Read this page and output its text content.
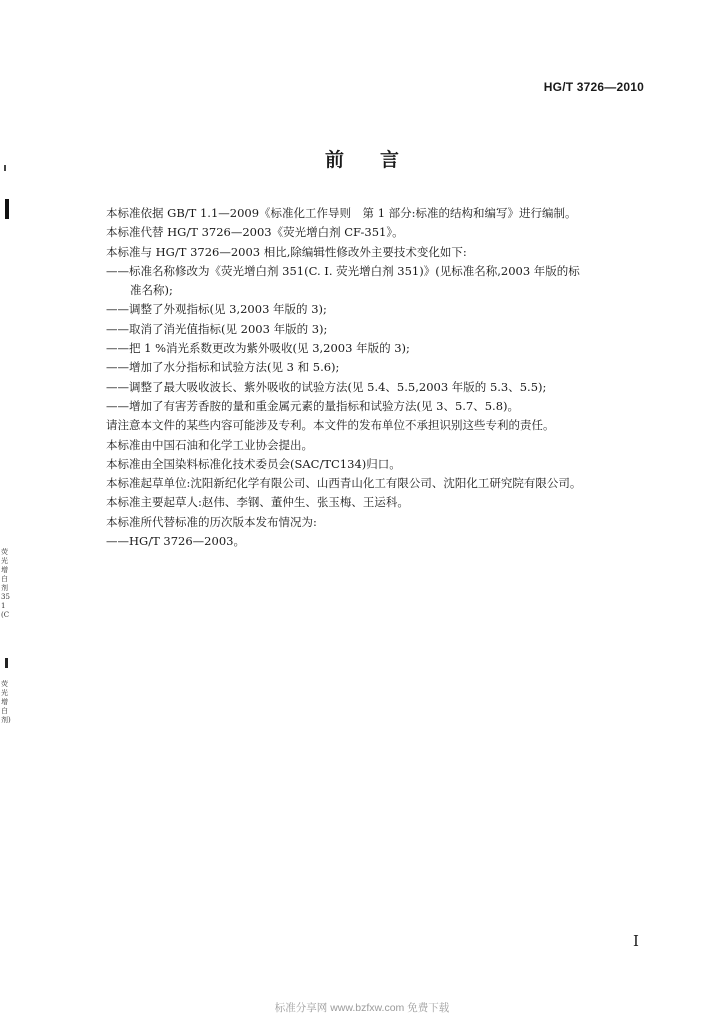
荧光增白剂351(C
荧光增白剂)
HG/T 3726—2010
前言
本标准依据 GB/T 1.1—2009《标准化工作导则　第 1 部分:标准的结构和编写》进行编制。
本标准代替 HG/T 3726—2003《荧光增白剂 CF-351》。
本标准与 HG/T 3726—2003 相比,除编辑性修改外主要技术变化如下:
——标准名称修改为《荧光增白剂 351(C. I. 荧光增白剂 351)》(见标准名称,2003 年版的标
准名称);
——调整了外观指标(见 3,2003 年版的 3);
——取消了消光值指标(见 2003 年版的 3);
——把 1 %消光系数更改为紫外吸收(见 3,2003 年版的 3);
——增加了水分指标和试验方法(见 3 和 5.6);
——调整了最大吸收波长、紫外吸收的试验方法(见 5.4、5.5,2003 年版的 5.3、5.5);
——增加了有害芳香胺的量和重金属元素的量指标和试验方法(见 3、5.7、5.8)。
请注意本文件的某些内容可能涉及专利。本文件的发布单位不承担识别这些专利的责任。
本标准由中国石油和化学工业协会提出。
本标准由全国染料标准化技术委员会(SAC/TC134)归口。
本标准起草单位:沈阳新纪化学有限公司、山西青山化工有限公司、沈阳化工研究院有限公司。
本标准主要起草人:赵伟、李钢、董仲生、张玉梅、王运科。
本标准所代替标准的历次版本发布情况为:
——HG/T 3726—2003。
I
标准分享网 www.bzfxw.com 免费下载
